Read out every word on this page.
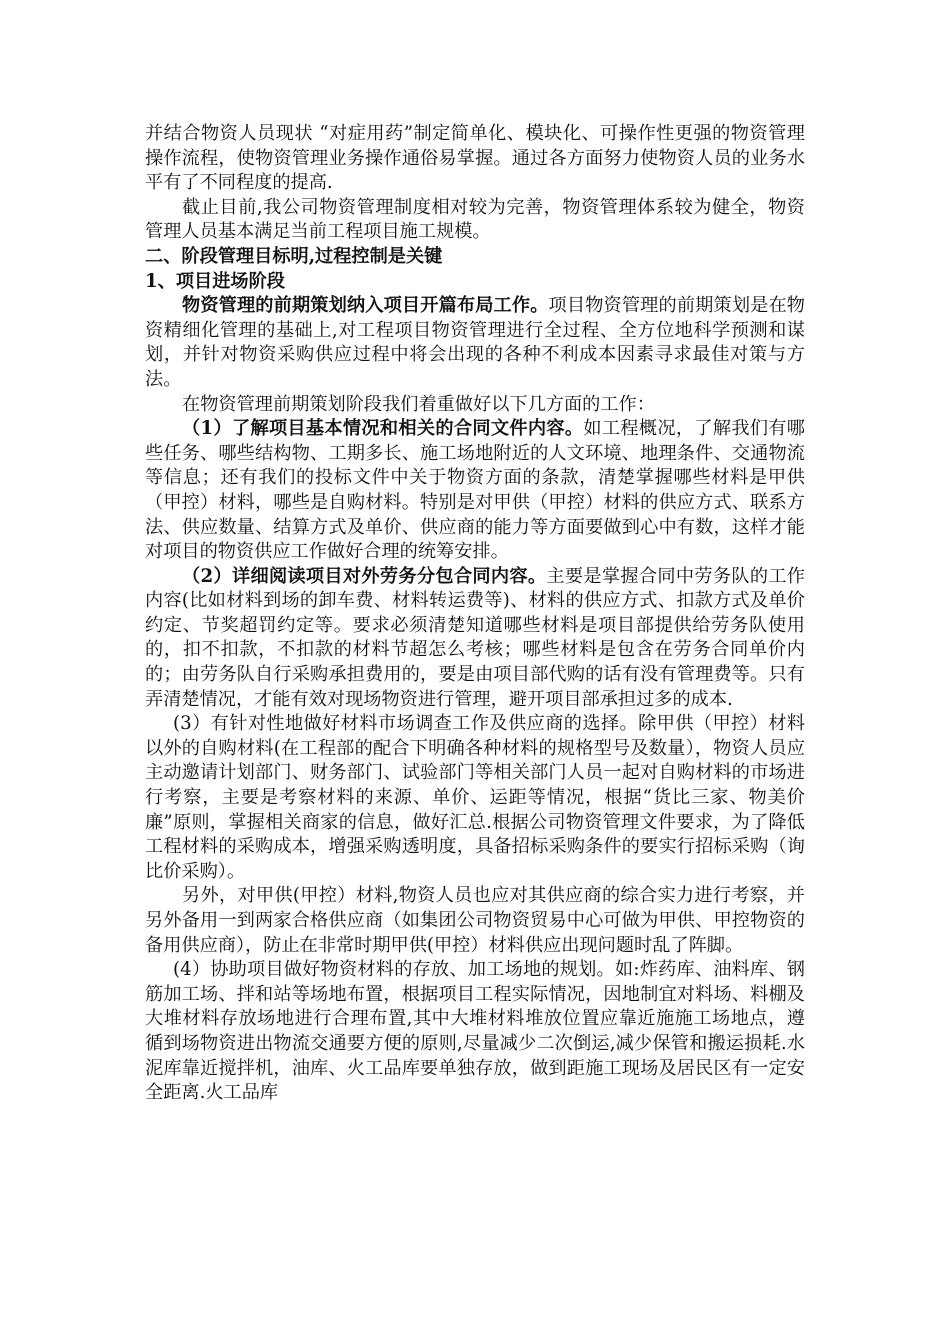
并结合物资人员现状 “对症用药”制定简单化、模块化、可操作性更强的物资管理操作流程，使物资管理业务操作通俗易掌握。通过各方面努力使物资人员的业务水平有了不同程度的提高.

截止目前,我公司物资管理制度相对较为完善，物资管理体系较为健全，物资管理人员基本满足当前工程项目施工规模。

二、阶段管理目标明,过程控制是关键

1、项目进场阶段

物资管理的前期策划纳入项目开篇布局工作。项目物资管理的前期策划是在物资精细化管理的基础上,对工程项目物资管理进行全过程、全方位地科学预测和谋划，并针对物资采购供应过程中将会出现的各种不利成本因素寻求最佳对策与方法。

在物资管理前期策划阶段我们着重做好以下几方面的工作：

（1）了解项目基本情况和相关的合同文件内容。如工程概况，了解我们有哪些任务、哪些结构物、工期多长、施工场地附近的人文环境、地理条件、交通物流等信息；还有我们的投标文件中关于物资方面的条款，清楚掌握哪些材料是甲供（甲控）材料，哪些是自购材料。特别是对甲供（甲控）材料的供应方式、联系方法、供应数量、结算方式及单价、供应商的能力等方面要做到心中有数，这样才能对项目的物资供应工作做好合理的统筹安排。

（2）详细阅读项目对外劳务分包合同内容。主要是掌握合同中劳务队的工作内容(比如材料到场的卸车费、材料转运费等)、材料的供应方式、扣款方式及单价约定、节奖超罚约定等。要求必须清楚知道哪些材料是项目部提供给劳务队使用的，扣不扣款，不扣款的材料节超怎么考核；哪些材料是包含在劳务合同单价内的；由劳务队自行采购承担费用的，要是由项目部代购的话有没有管理费等。只有弄清楚情况，才能有效对现场物资进行管理，避开项目部承担过多的成本.

(3）有针对性地做好材料市场调查工作及供应商的选择。除甲供（甲控）材料以外的自购材料(在工程部的配合下明确各种材料的规格型号及数量），物资人员应主动邀请计划部门、财务部门、试验部门等相关部门人员一起对自购材料的市场进行考察，主要是考察材料的来源、单价、运距等情况，根据“货比三家、物美价廉”原则，掌握相关商家的信息，做好汇总.根据公司物资管理文件要求，为了降低工程材料的采购成本，增强采购透明度，具备招标采购条件的要实行招标采购（询比价采购）。

另外，对甲供(甲控）材料,物资人员也应对其供应商的综合实力进行考察，并另外备用一到两家合格供应商（如集团公司物资贸易中心可做为甲供、甲控物资的备用供应商），防止在非常时期甲供(甲控）材料供应出现问题时乱了阵脚。

(4）协助项目做好物资材料的存放、加工场地的规划。如:炸药库、油料库、钢筋加工场、拌和站等场地布置，根据项目工程实际情况，因地制宜对料场、料棚及大堆材料存放场地进行合理布置,其中大堆材料堆放位置应靠近施施工场地点，遵循到场物资进出物流交通要方便的原则,尽量减少二次倒运,减少保管和搬运损耗.水泥库靠近搅拌机，油库、火工品库要单独存放，做到距施工现场及居民区有一定安全距离.火工品库
